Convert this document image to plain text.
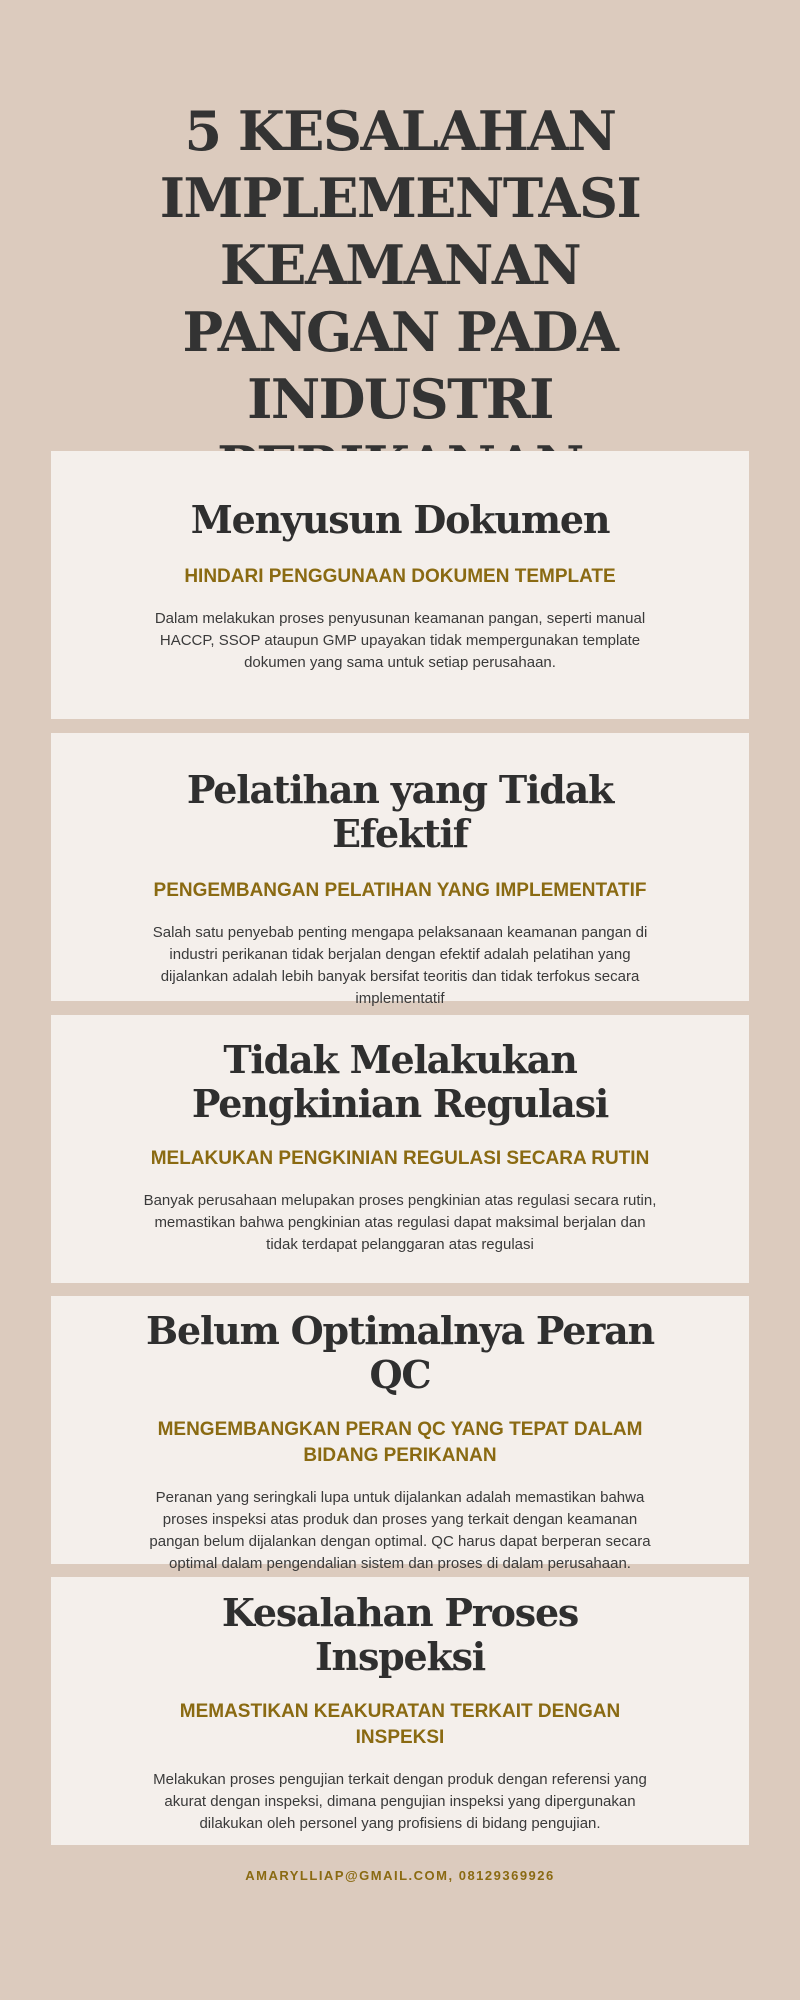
5 KESALAHAN IMPLEMENTASI KEAMANAN PANGAN PADA INDUSTRI
Menyusun Dokumen
HINDARI PENGGUNAAN DOKUMEN TEMPLATE

Dalam melakukan proses penyusunan keamanan pangan, seperti manual HACCP, SSOP ataupun GMP upayakan tidak mempergunakan template dokumen yang sama untuk setiap perusahaan.

Pelatihan yang Tidak Efektif
PENGEMBANGAN PELATIHAN YANG IMPLEMENTATIF

Salah satu penyebab penting mengapa pelaksanaan keamanan pangan di industri perikanan tidak berjalan dengan efektif adalah pelatihan yang dijalankan adalah lebih banyak bersifat teoritis dan tidak terfokus secara implementatif

Tidak Melakukan Pengkinian Regulasi
MELAKUKAN PENGKINIAN REGULASI SECARA RUTIN

Banyak perusahaan melupakan proses pengkinian atas regulasi secara rutin, memastikan bahwa pengkinian atas regulasi dapat maksimal berjalan dan tidak terdapat pelanggaran atas regulasi

Belum Optimalnya Peran QC
MENGEMBANGKAN PERAN QC YANG TEPAT DALAM BIDANG PERIKANAN

Peranan yang seringkali lupa untuk dijalankan adalah memastikan bahwa proses inspeksi atas produk dan proses yang terkait dengan keamanan pangan belum dijalankan dengan optimal. QC harus dapat berperan secara optimal dalam pengendalian sistem dan proses di dalam perusahaan.

Kesalahan Proses Inspeksi
MEMASTIKAN KEAKURATAN TERKAIT DENGAN INSPEKSI

Melakukan proses pengujian terkait dengan produk dengan referensi yang akurat dengan inspeksi, dimana pengujian inspeksi yang dipergunakan dilakukan oleh personel yang profisiens di bidang pengujian.

AMARYLLIAP@GMAIL.COM, 08129369926
